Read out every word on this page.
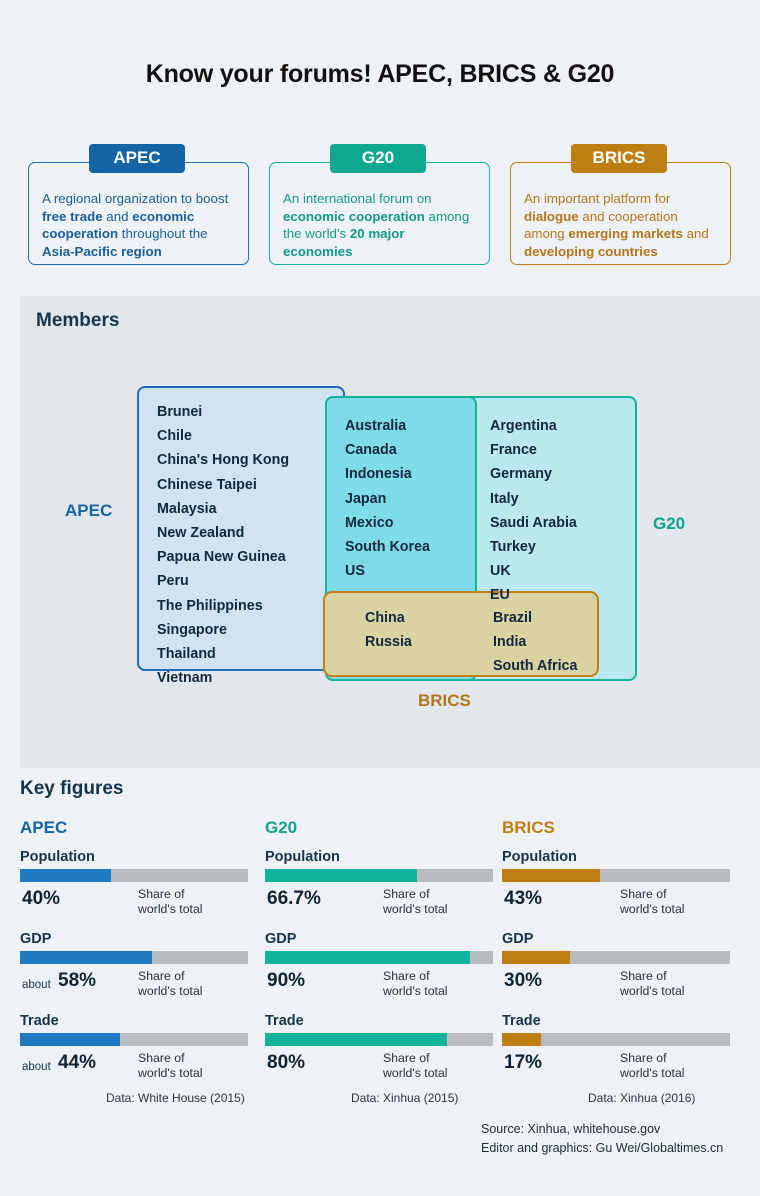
Know your forums! APEC, BRICS & G20
APEC
A regional organization to boost free trade and economic cooperation throughout the Asia-Pacific region
G20
An international forum on economic cooperation among the world's 20 major economies
BRICS
An important platform for dialogue and cooperation among emerging markets and developing countries
Members
Brunei
Chile
China's Hong Kong
Chinese Taipei
Malaysia
New Zealand
Papua New Guinea
Peru
The Philippines
Singapore
Thailand
Vietnam
Australia
Canada
Indonesia
Japan
Mexico
South Korea
US
Argentina
France
Germany
Italy
Saudi Arabia
Turkey
UK
EU
China
Russia
Brazil
India
South Africa
APEC
G20
BRICS
Key figures
APEC
Population
40%	Share of
world's total
GDP
about 58%	Share of
world's total
Trade
about 44%	Share of
world's total
Data: White House (2015)
G20
Population
66.7%	Share of
world's total
GDP
90%	Share of
world's total
Trade
80%	Share of
world's total
Data: Xinhua (2015)
BRICS
Population
43%	Share of
world's total
GDP
30%	Share of
world's total
Trade
17%	Share of
world's total
Data: Xinhua (2016)
Source: Xinhua, whitehouse.gov
Editor and graphics: Gu Wei/Globaltimes.cn
